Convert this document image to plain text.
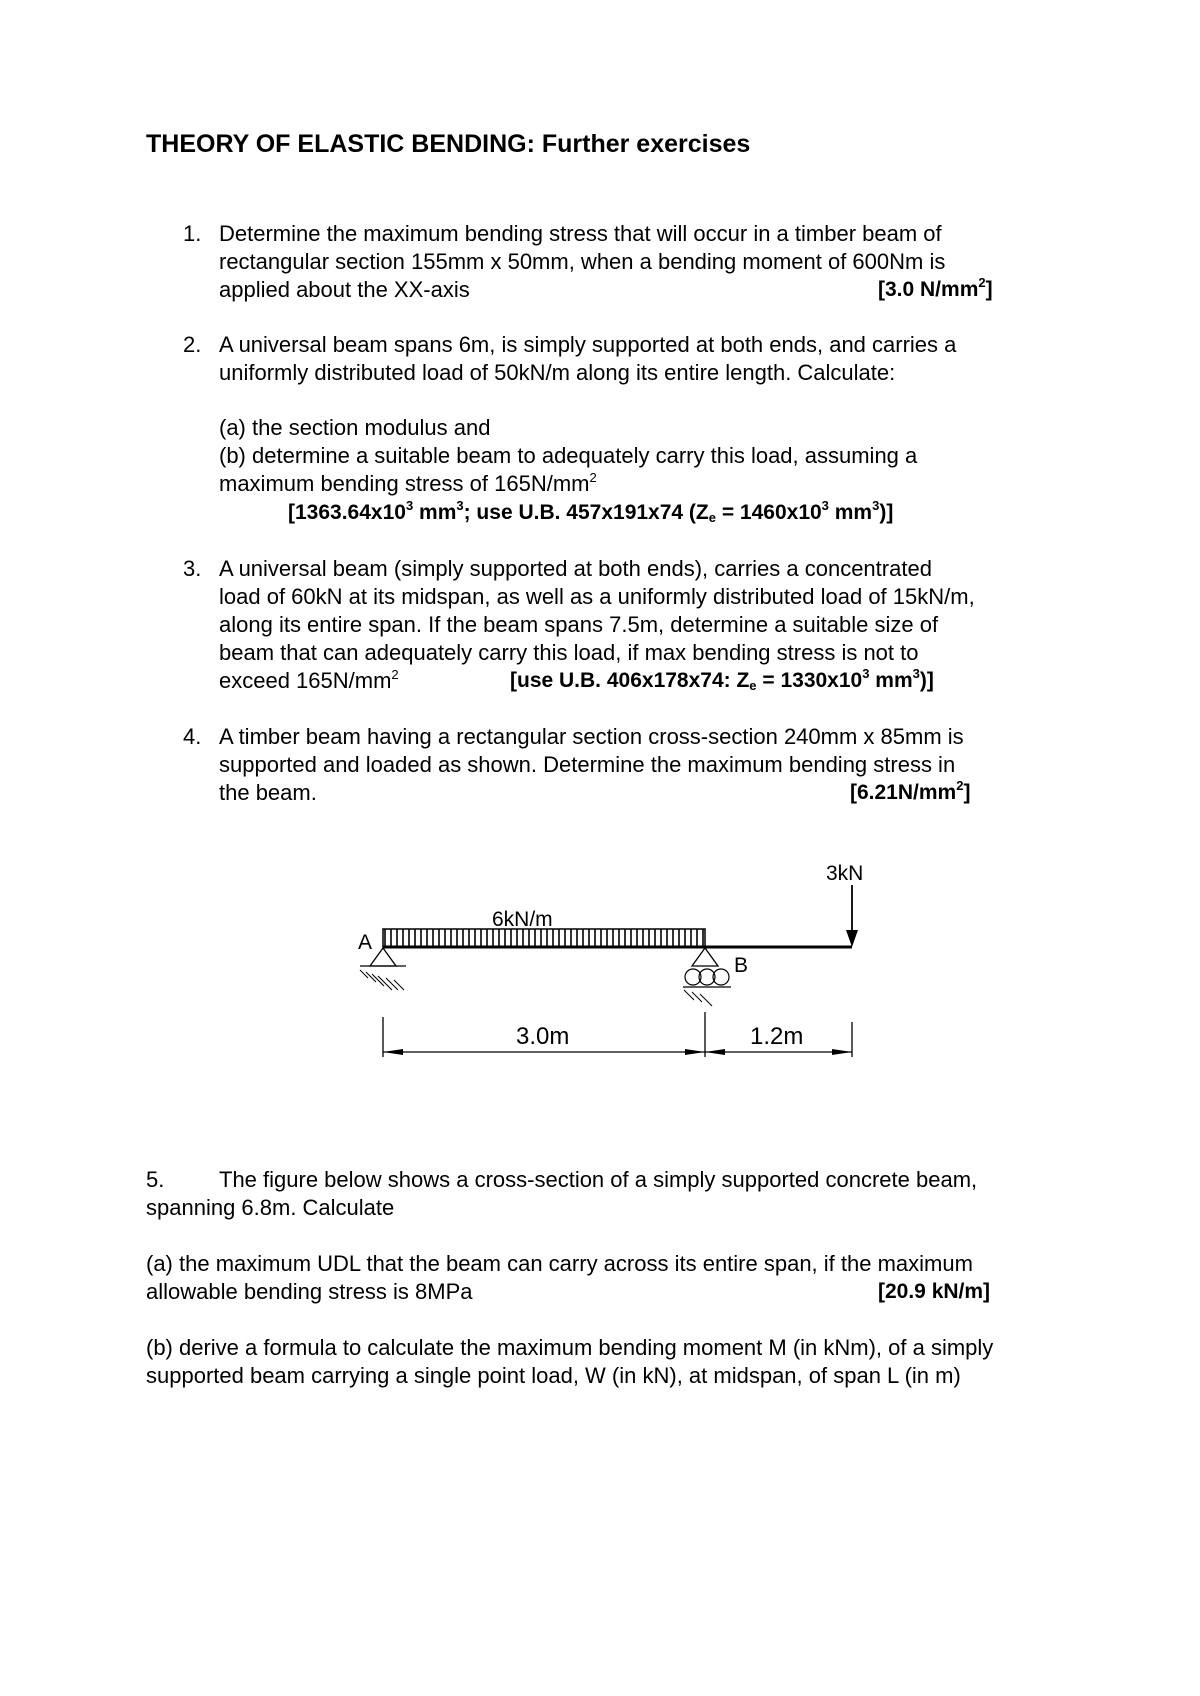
THEORY OF ELASTIC BENDING: Further exercises
1. Determine the maximum bending stress that will occur in a timber beam of
rectangular section 155mm x 50mm, when a bending moment of 600Nm is
applied about the XX-axis	[3.0 $N/mm^2$]
2. A universal beam spans 6m, is simply supported at both ends, and carries a
uniformly distributed load of 50kN/m along its entire length. Calculate:
(a) the section modulus and
(b) determine a suitable beam to adequately carry this load, assuming a
maximum bending stress of $165N/mm^2$
[$1363.64x10^3$ $mm^3$; use U.B. 457x191x74 ($Z_e = 1460x10^3$ $mm^3$)]
3. A universal beam (simply supported at both ends), carries a concentrated
load of 60kN at its midspan, as well as a uniformly distributed load of 15kN/m,
along its entire span. If the beam spans 7.5m, determine a suitable size of
beam that can adequately carry this load, if max bending stress is not to
exceed $165N/mm^2$	[use U.B. 406x178x74: $Z_e = 1330x10^3$ $mm^3$)]
4. A timber beam having a rectangular section cross-section 240mm x 85mm is
supported and loaded as shown. Determine the maximum bending stress in
the beam.	$[6.21N/mm^2]$
3kN
6kN/m
A
B
3.0m	1.2m
5. The figure below shows a cross-section of a simply supported concrete beam,
spanning 6.8m. Calculate
(a) the maximum UDL that the beam can carry across its entire span, if the maximum
allowable bending stress is 8MPa	[20.9 kN/m]
(b) derive a formula to calculate the maximum bending moment M (in kNm), of a simply
supported beam carrying a single point load, W (in kN), at midspan, of span L (in m)
